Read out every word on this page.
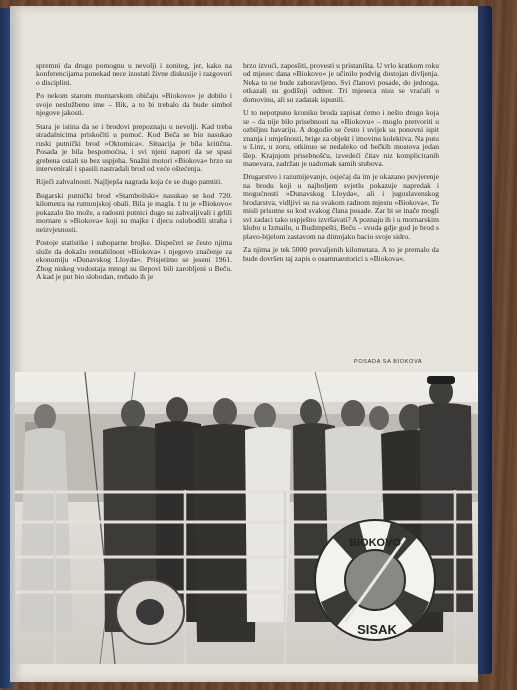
spremni da drugu pomognu u nevolji i zoniteg, jer, kako na konferencijama ponekad nece izostati živne diskusije i razgovori o disciplini.

Po nekom starom mornarskom običaju »Biokovo« je dobilo i svoje neslužbeno ime – Bik, a to bi trebalo da bude simbol njegove jakosti.

Stara je istina da se i brodovi prepoznaju u nevolji. Kad treba stradalnicima priskočiti u pomoć. Kod Beča se bio nasukao ruski putnički brod »Oktomica«. Situacija je bila kritična. Posada je bila bespomoćna, i svi njeni napori da se spasi grebena ostali su bez uspjeha. Snažni motori »Biokova« brzo su intervenirali i spasili nastradali brod od veće oštećenja.

Riječi zahvalnosti. Najljepša nagrada koja će se dugo pamtiti.

Bugarski putnički brod »Stamboliski« nasukao se kod 720. kilometra na rumunjskoj obali. Bila je magla. I tu je »Biokovo« pokazalo što može, a radosni putnici dugo su zahvaljivali i grlili mornare s »Biokova« koji su majke i djecu oslobodili straha i neizvjesnosti.

Postoje statistike i suhoparne brojke. Dispečeri se često njima služe da dokažu rentabilnost »Biokova« i njegovo značenje za ekonomiju »Dunavskog Lloyda«. Prisjetimo se jeseni 1961. Zbog niskog vodostaja mnogi su šlepovi bili zarobljeni u Beču. A kad je put bio slobodan, trebalo ih je

brzo izvući, zaposliti, provesti u pristaništa. U vrlo kratkom roku od mjesec dana »Biokovo« je učinilo podvig dostojan divljenja. Neka to ne bude zaboravljeno. Svi članovi posade, do jednoga, otkazali su godišnji odmor. Tri mjeseca nisu se vraćali u domovinu, ali su zadatak ispunili.

U to nepotpuno kroniku broda zapisat ćemo i nešto drugo koja se – da nije bilo prisebnosti na »Biokovu« – moglo pretvoriti u ozbiljnu havariju. A dogodio se često i uvijek su ponovni ispit znanja i umješnosti, brige za objekt i imovinu kolektiva. Na putu u Linz, u zoru, otkinuo se nedaleko od bečkih mostova jedan šlep. Krajnjom prisebnošću, izvedeći čitav niz kompliciranih manevara, zadržan je nadomak samih stubova.

Drugarstvo i razumijevanje, osjećaj da im je ukazano povjerenje na brodu koji u najboljem svjetlu pokazuje napredak i mogućnosti »Dunavskog Lloyda«, ali i jugoslavenskog brodarstva, vidljivi su na svakom radnom mjestu »Biokova«. Te misli prisutne su kod svakog člana posade. Zar bi se inače mogli svi zadaci tako uspješno izvršavati? A poznaju ih i u mornarskim klubu u Izmailu, u Budimpešti, Beču – svuda gdje god je brod s plavo-bijelom zastavom na dimnjaku bacio svoje sidro.

Za njima je tek 5000 prevaljenih kilometara. A to je premalo da bude dovršen taj zapis o osamnaestorici s »Biokova«.

POSADA SA BIOKOVA
BIOKOVO
SISAK
